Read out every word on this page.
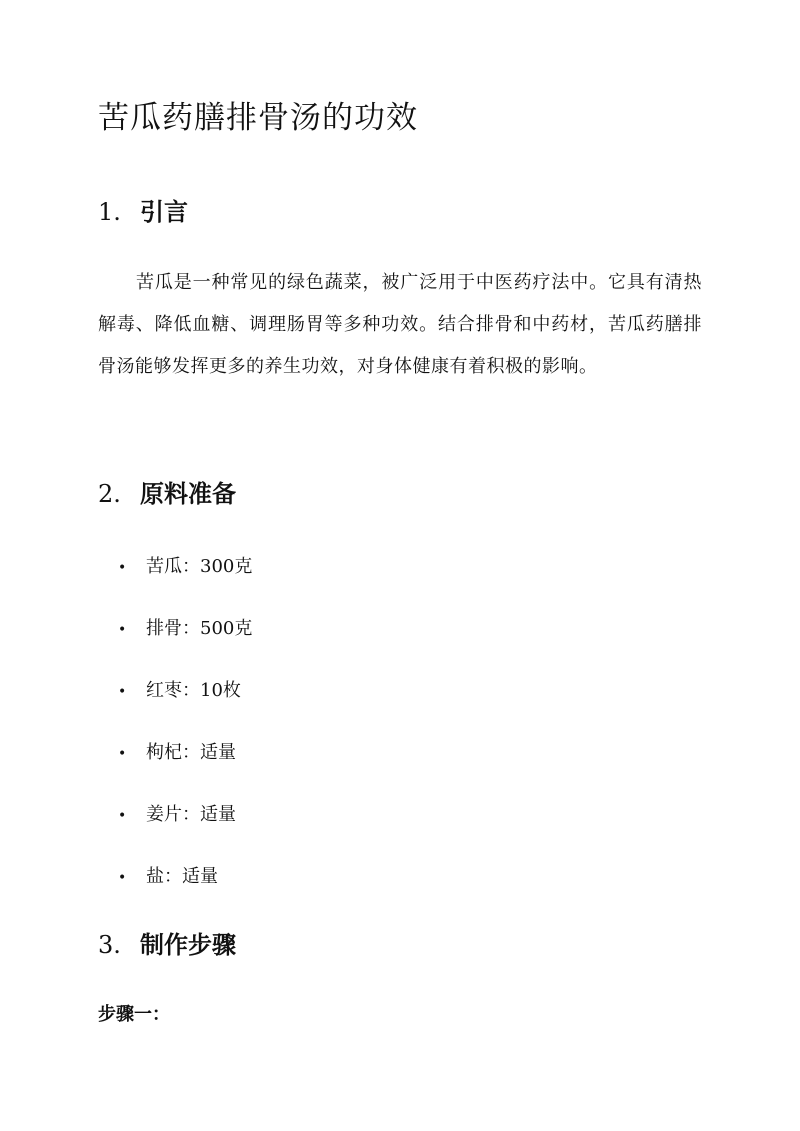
苦瓜药膳排骨汤的功效
1. 引言

苦瓜是一种常见的绿色蔬菜，被广泛用于中医药疗法中。它具有清热解毒、降低血糖、调理肠胃等多种功效。结合排骨和中药材，苦瓜药膳排骨汤能够发挥更多的养生功效，对身体健康有着积极的影响。

2. 原料准备
• 苦瓜：300克
• 排骨：500克
• 红枣：10枚
• 枸杞：适量
• 姜片：适量
• 盐：适量
3. 制作步骤

步骤一：
